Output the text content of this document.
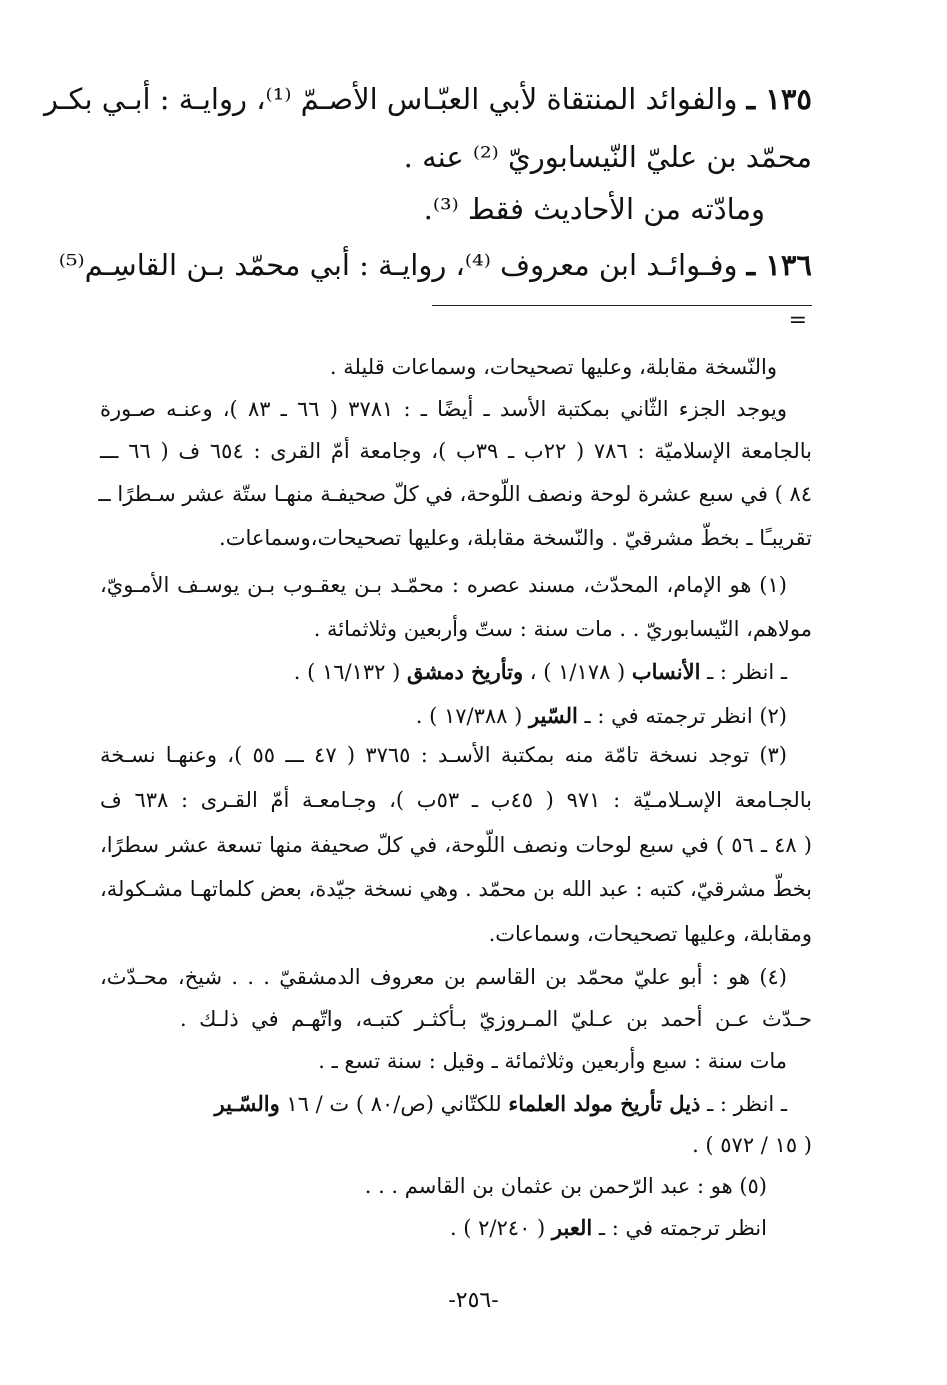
١٣٥ ـ والفوائد المنتقاة لأبي العبّـاس الأصـمّ ⁽¹⁾، روايـة : أبـي بكـر
محمّد بن عليّ النّيسابوريّ ⁽²⁾ عنه .
ومادّته من الأحاديث فقط ⁽³⁾.
١٣٦ ـ وفـوائـد ابن معروف ⁽⁴⁾، روايـة : أبي محمّد بـن القاسِـم⁽⁵⁾
=
والنّسخة مقابلة، وعليها تصحيحات، وسماعات قليلة .
ويوجد الجزء الثّاني بمكتبة الأسد ـ أيضًا ـ : ٣٧٨١ ( ٦٦ ـ ٨٣ )، وعنـه صـورة
بالجامعة الإسلاميّة : ٧٨٦ ( ٢٢ب ـ ٣٩ب )، وجامعة أمّ القرى : ٦٥٤ ف ( ٦٦ ـــ
٨٤ ) في سبع عشرة لوحة ونصف اللّوحة، في كلّ صحيفـة منهـا ستّة عشر سـطرًا ــ
تقريبـًا ـ بخطّ مشرقيّ . والنّسخة مقابلة، وعليها تصحيحات،وسماعات.
(١) هو الإمام، المحدّث، مسند عصره : محمّـد بـن يعقـوب بـن يوسـف الأمـويّ،
مولاهم، النّيسابوريّ . . مات سنة : ستّ وأربعين وثلاثمائة .
ـ انظر : ـ الأنساب ( ١/١٧٨ ) ، وتأريخ دمشق ( ١٦/١٣٢ ) .
(٢) انظر ترجمته في : ـ السّير ( ١٧/٣٨٨ ) .
(٣) توجد نسخة تامّة منه بمكتبة الأسـد : ٣٧٦٥ ( ٤٧ ـــ ٥٥ )، وعنهـا نسـخة
بالجـامعة الإسـلامـيّة : ٩٧١ ( ٤٥ب ـ ٥٣ب )، وجـامعـة أمّ القـرى : ٦٣٨ ف
( ٤٨ ـ ٥٦ ) في سبع لوحات ونصف اللّوحة، في كلّ صحيفة منها تسعة عشر سطرًا،
بخطّ مشرقيّ، كتبه : عبد الله بن محمّد . وهي نسخة جيّدة، بعض كلماتهـا مشـكولة،
ومقابلة، وعليها تصحيحات، وسماعات.
(٤) هو : أبو عليّ محمّد بن القاسم بن معروف الدمشقيّ . . . شيخ، محـدّث،
حـدّث عـن أحمد بن عـليّ المـروزيّ بـأكثـر كتبـه، واتّهـم في ذلـك .
مات سنة : سبع وأربعين وثلاثمائة ـ وقيل : سنة تسع ـ .
ـ انظر : ـ ذيل تأريخ مولد العلماء للكتّاني (ص/٨٠ ) ت / ١٦ والسّـير
( ١٥ / ٥٧٢ ) .
(٥) هو : عبد الرّحمن بن عثمان بن القاسم . . .
انظر ترجمته في : ـ العبر ( ٢/٢٤٠ ) .
-٢٥٦-
